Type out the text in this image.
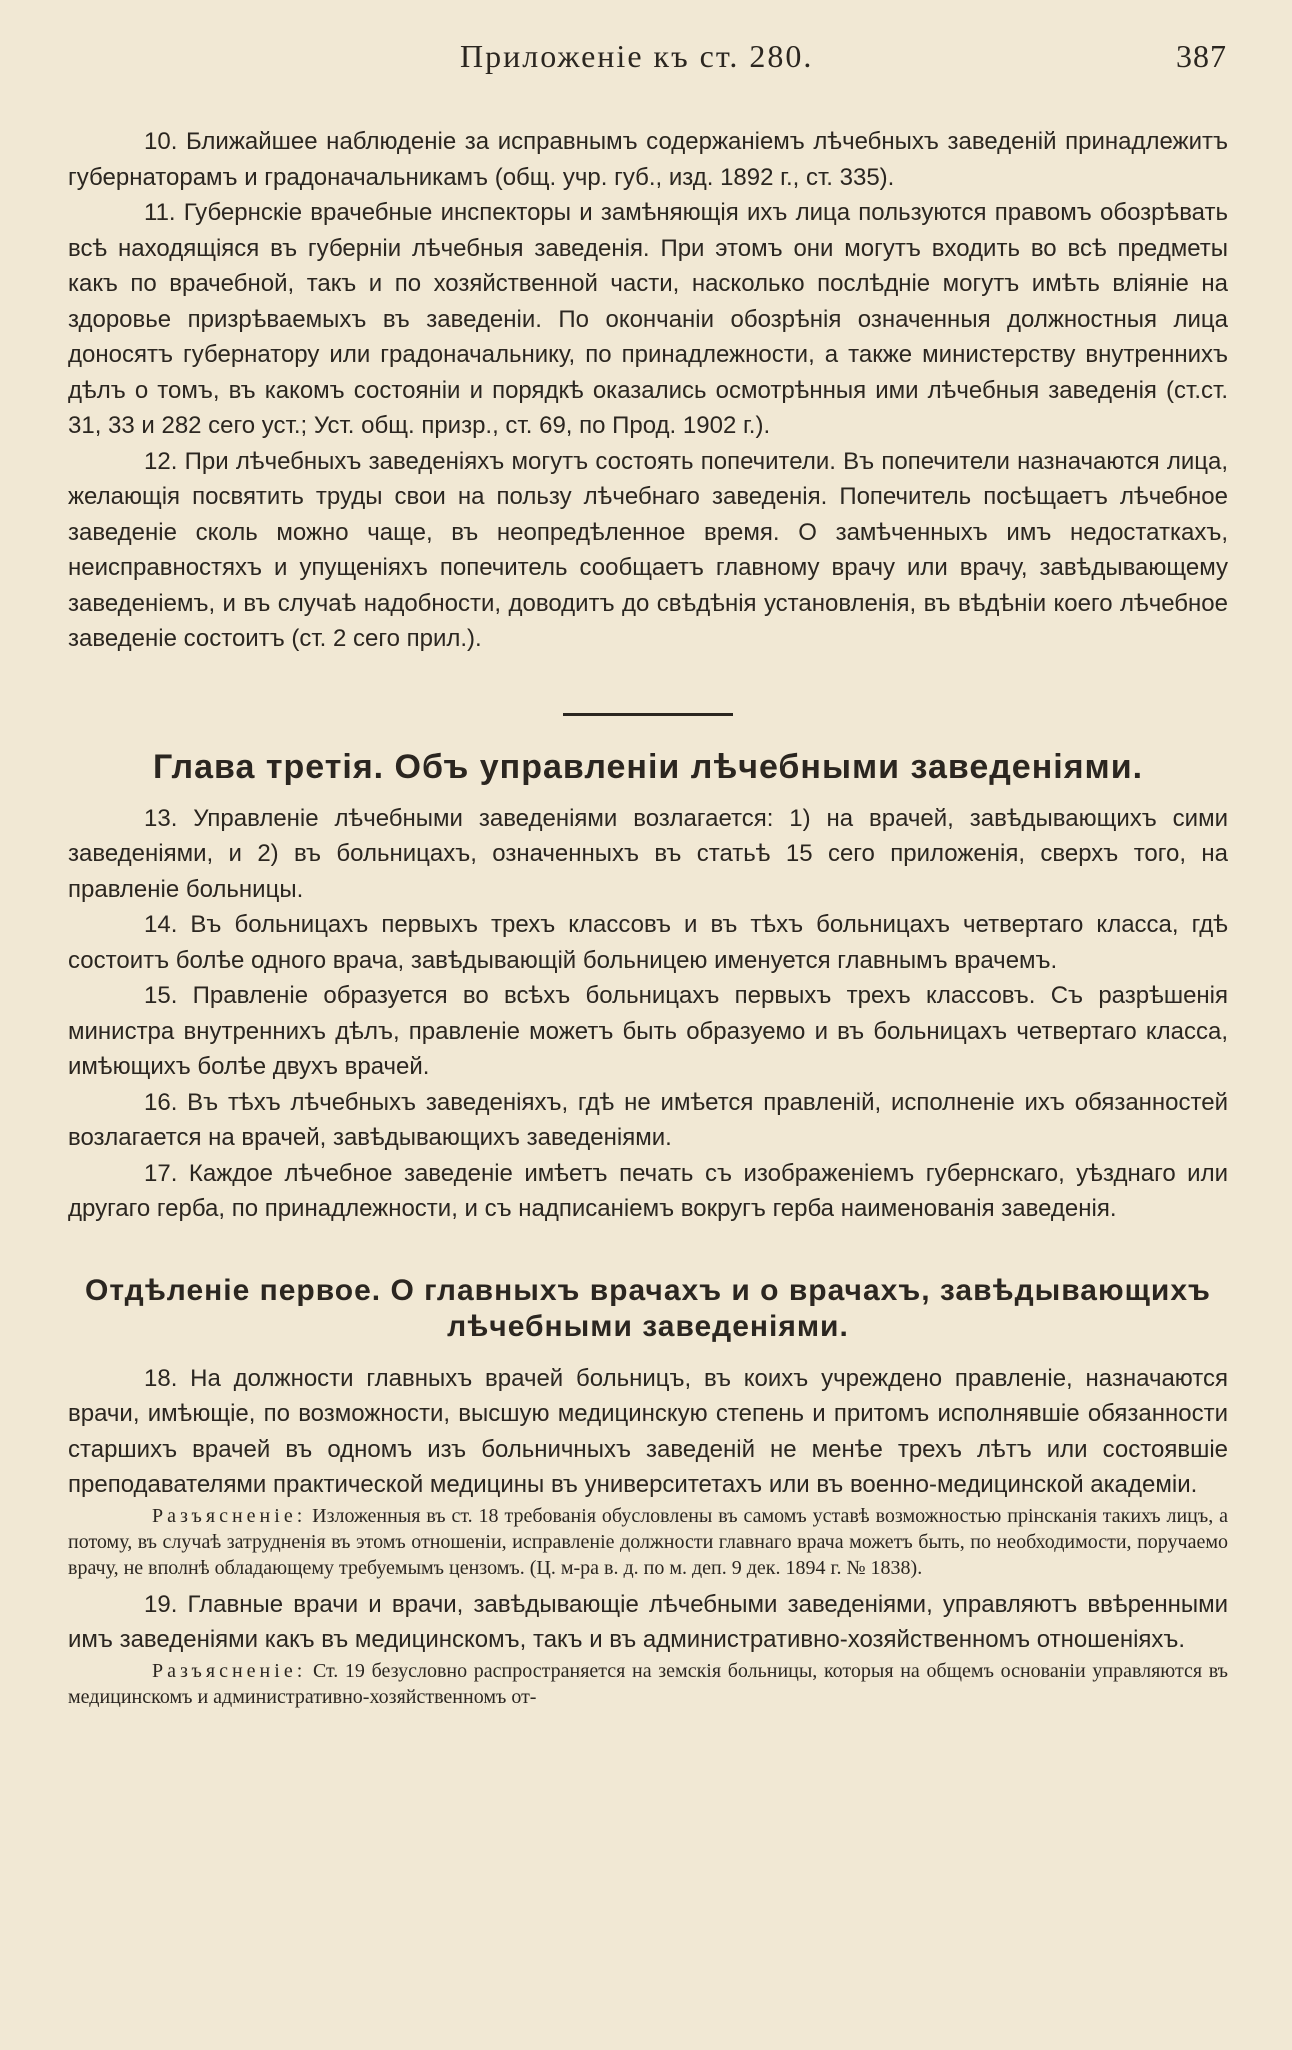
Приложеніе къ ст. 280.	387

10. Ближайшее наблюденіе за исправнымъ содержаніемъ лѣчебныхъ заведеній принадлежитъ губернаторамъ и градоначальникамъ (общ. учр. губ., изд. 1892 г., ст. 335).

11. Губернскіе врачебные инспекторы и замѣняющія ихъ лица пользуются правомъ обозрѣвать всѣ находящіяся въ губерніи лѣчебныя заведенія. При этомъ они могутъ входить во всѣ предметы какъ по врачебной, такъ и по хозяйственной части, насколько послѣдніе могутъ имѣть вліяніе на здоровье призрѣваемыхъ въ заведеніи. По окончаніи обозрѣнія означенныя должностныя лица доносятъ губернатору или градоначальнику, по принадлежности, а также министерству внутреннихъ дѣлъ о томъ, въ какомъ состояніи и порядкѣ оказались осмотрѣнныя ими лѣчебныя заведенія (ст.ст. 31, 33 и 282 сего уст.; Уст. общ. призр., ст. 69, по Прод. 1902 г.).

12. При лѣчебныхъ заведеніяхъ могутъ состоять попечители. Въ попечители назначаются лица, желающія посвятить труды свои на пользу лѣчебнаго заведенія. Попечитель посѣщаетъ лѣчебное заведеніе сколь можно чаще, въ неопредѣленное время. О замѣченныхъ имъ недостаткахъ, неисправностяхъ и упущеніяхъ попечитель сообщаетъ главному врачу или врачу, завѣдывающему заведеніемъ, и въ случаѣ надобности, доводитъ до свѣдѣнія установленія, въ вѣдѣніи коего лѣчебное заведеніе состоитъ (ст. 2 сего прил.).

Глава третія. Объ управленіи лѣчебными заведеніями.

13. Управленіе лѣчебными заведеніями возлагается: 1) на врачей, завѣдывающихъ сими заведеніями, и 2) въ больницахъ, означенныхъ въ статьѣ 15 сего приложенія, сверхъ того, на правленіе больницы.

14. Въ больницахъ первыхъ трехъ классовъ и въ тѣхъ больницахъ четвертаго класса, гдѣ состоитъ болѣе одного врача, завѣдывающій больницею именуется главнымъ врачемъ.

15. Правленіе образуется во всѣхъ больницахъ первыхъ трехъ классовъ. Съ разрѣшенія министра внутреннихъ дѣлъ, правленіе можетъ быть образуемо и въ больницахъ четвертаго класса, имѣющихъ болѣе двухъ врачей.

16. Въ тѣхъ лѣчебныхъ заведеніяхъ, гдѣ не имѣется правленій, исполненіе ихъ обязанностей возлагается на врачей, завѣдывающихъ заведеніями.

17. Каждое лѣчебное заведеніе имѣетъ печать съ изображеніемъ губернскаго, уѣзднаго или другаго герба, по принадлежности, и съ надписаніемъ вокругъ герба наименованія заведенія.

Отдѣленіе первое. О главныхъ врачахъ и о врачахъ, завѣдывающихъ лѣчебными заведеніями.

18. На должности главныхъ врачей больницъ, въ коихъ учреждено правленіе, назначаются врачи, имѣющіе, по возможности, высшую медицинскую степень и притомъ исполнявшіе обязанности старшихъ врачей въ одномъ изъ больничныхъ заведеній не менѣе трехъ лѣтъ или состоявшіе преподавателями практической медицины въ университетахъ или въ военно-медицинской академіи.

Разъясненіе: Изложенныя въ ст. 18 требованія обусловлены въ самомъ уставѣ возможностью прінсканія такихъ лицъ, а потому, въ случаѣ затрудненія въ этомъ отношеніи, исправленіе должности главнаго врача можетъ быть, по необходимости, поручаемо врачу, не вполнѣ обладающему требуемымъ цензомъ. (Ц. м-ра в. д. по м. деп. 9 дек. 1894 г. № 1838).

19. Главные врачи и врачи, завѣдывающіе лѣчебными заведеніями, управляютъ ввѣренными имъ заведеніями какъ въ медицинскомъ, такъ и въ административно-хозяйственномъ отношеніяхъ.

Разъясненіе: Ст. 19 безусловно распространяется на земскія больницы, которыя на общемъ основаніи управляются въ медицинскомъ и административно-хозяйственномъ от-
